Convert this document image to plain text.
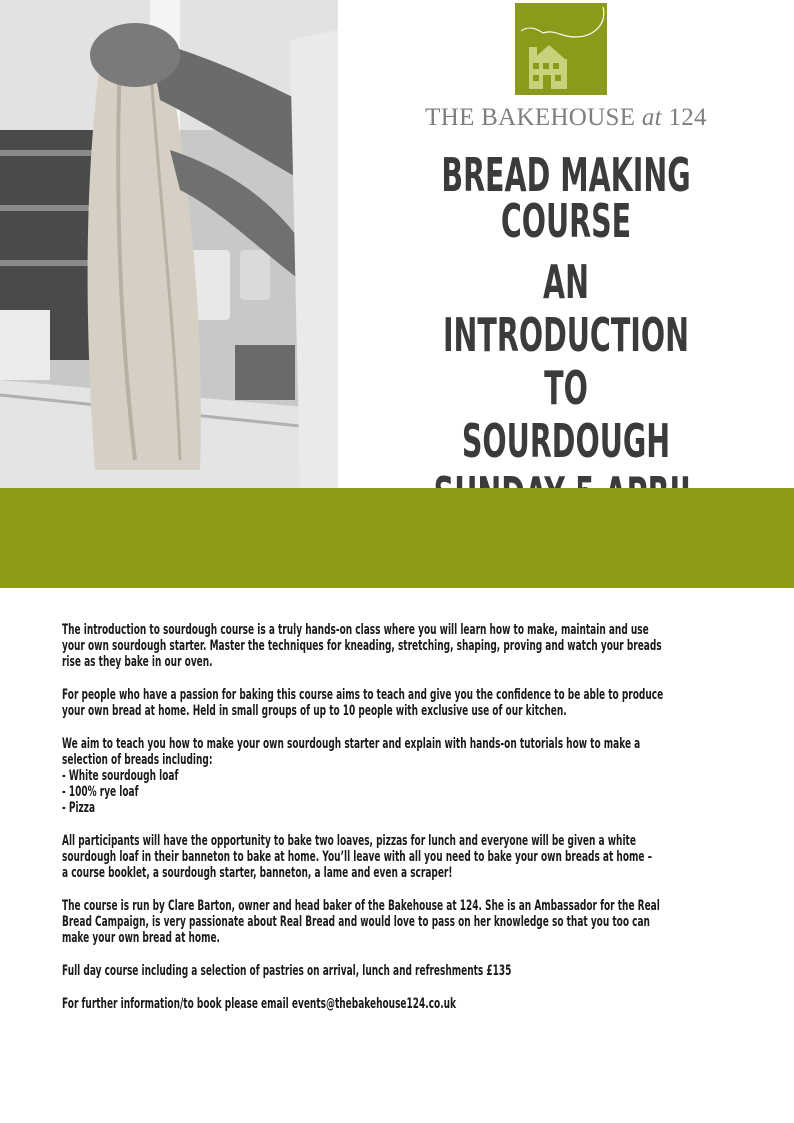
THE BAKEHOUSE at 124
BREAD MAKING COURSE
AN INTRODUCTION TO
SOURDOUGH

The introduction to sourdough course is a truly hands-on class where you will learn how to make, maintain and use
your own sourdough starter. Master the techniques for kneading, stretching, shaping, proving and watch your breads
rise as they bake in our oven.

For people who have a passion for baking this course aims to teach and give you the confidence to be able to produce
your own bread at home. Held in small groups of up to 10 people with exclusive use of our kitchen.

We aim to teach you how to make your own sourdough starter and explain with hands-on tutorials how to make a
selection of breads including:
- White sourdough loaf
- 100% rye loaf
- Pizza

All participants will have the opportunity to bake two loaves, pizzas for lunch and everyone will be given a white
sourdough loaf in their banneton to bake at home. You’ll leave with all you need to bake your own breads at home –
a course booklet, a sourdough starter, banneton, a lame and even a scraper!

The course is run by Clare Barton, owner and head baker of the Bakehouse at 124. She is an Ambassador for the Real
Bread Campaign, is very passionate about Real Bread and would love to pass on her knowledge so that you too can
make your own bread at home.

Full day course including a selection of pastries on arrival, lunch and refreshments £135

For further information/to book please email events@thebakehouse124.co.uk
